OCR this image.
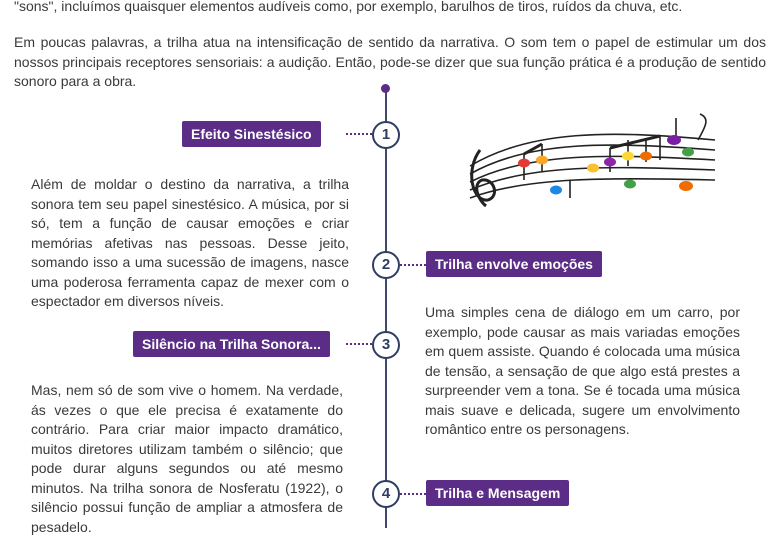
"sons", incluímos quaisquer elementos audíveis como, por exemplo, barulhos de tiros, ruídos da chuva, etc.

Em poucas palavras, a trilha atua na intensificação de sentido da narrativa. O som tem o papel de estimular um dos nossos principais receptores sensoriais: a audição. Então, pode-se dizer que sua função prática é a produção de sentido sonoro para a obra.

Efeito Sinestésico	1

Além de moldar o destino da narrativa, a trilha sonora tem seu papel sinestésico. A música, por si só, tem a função de causar emoções e criar memórias afetivas nas pessoas. Desse jeito, somando isso a uma sucessão de imagens, nasce uma poderosa ferramenta capaz de mexer com o espectador em diversos níveis.

2	Trilha envolve emoções

Uma simples cena de diálogo em um carro, por exemplo, pode causar as mais variadas emoções em quem assiste. Quando é colocada uma música de tensão, a sensação de que algo está prestes a surpreender vem a tona. Se é tocada uma música mais suave e delicada, sugere um envolvimento romântico entre os personagens.

Silêncio na Trilha Sonora...	3

Mas, nem só de som vive o homem. Na verdade, ás vezes o que ele precisa é exatamente do contrário. Para criar maior impacto dramático, muitos diretores utilizam também o silêncio; que pode durar alguns segundos ou até mesmo minutos. Na trilha sonora de Nosferatu (1922), o silêncio possui função de ampliar a atmosfera de pesadelo.

4	Trilha e Mensagem
